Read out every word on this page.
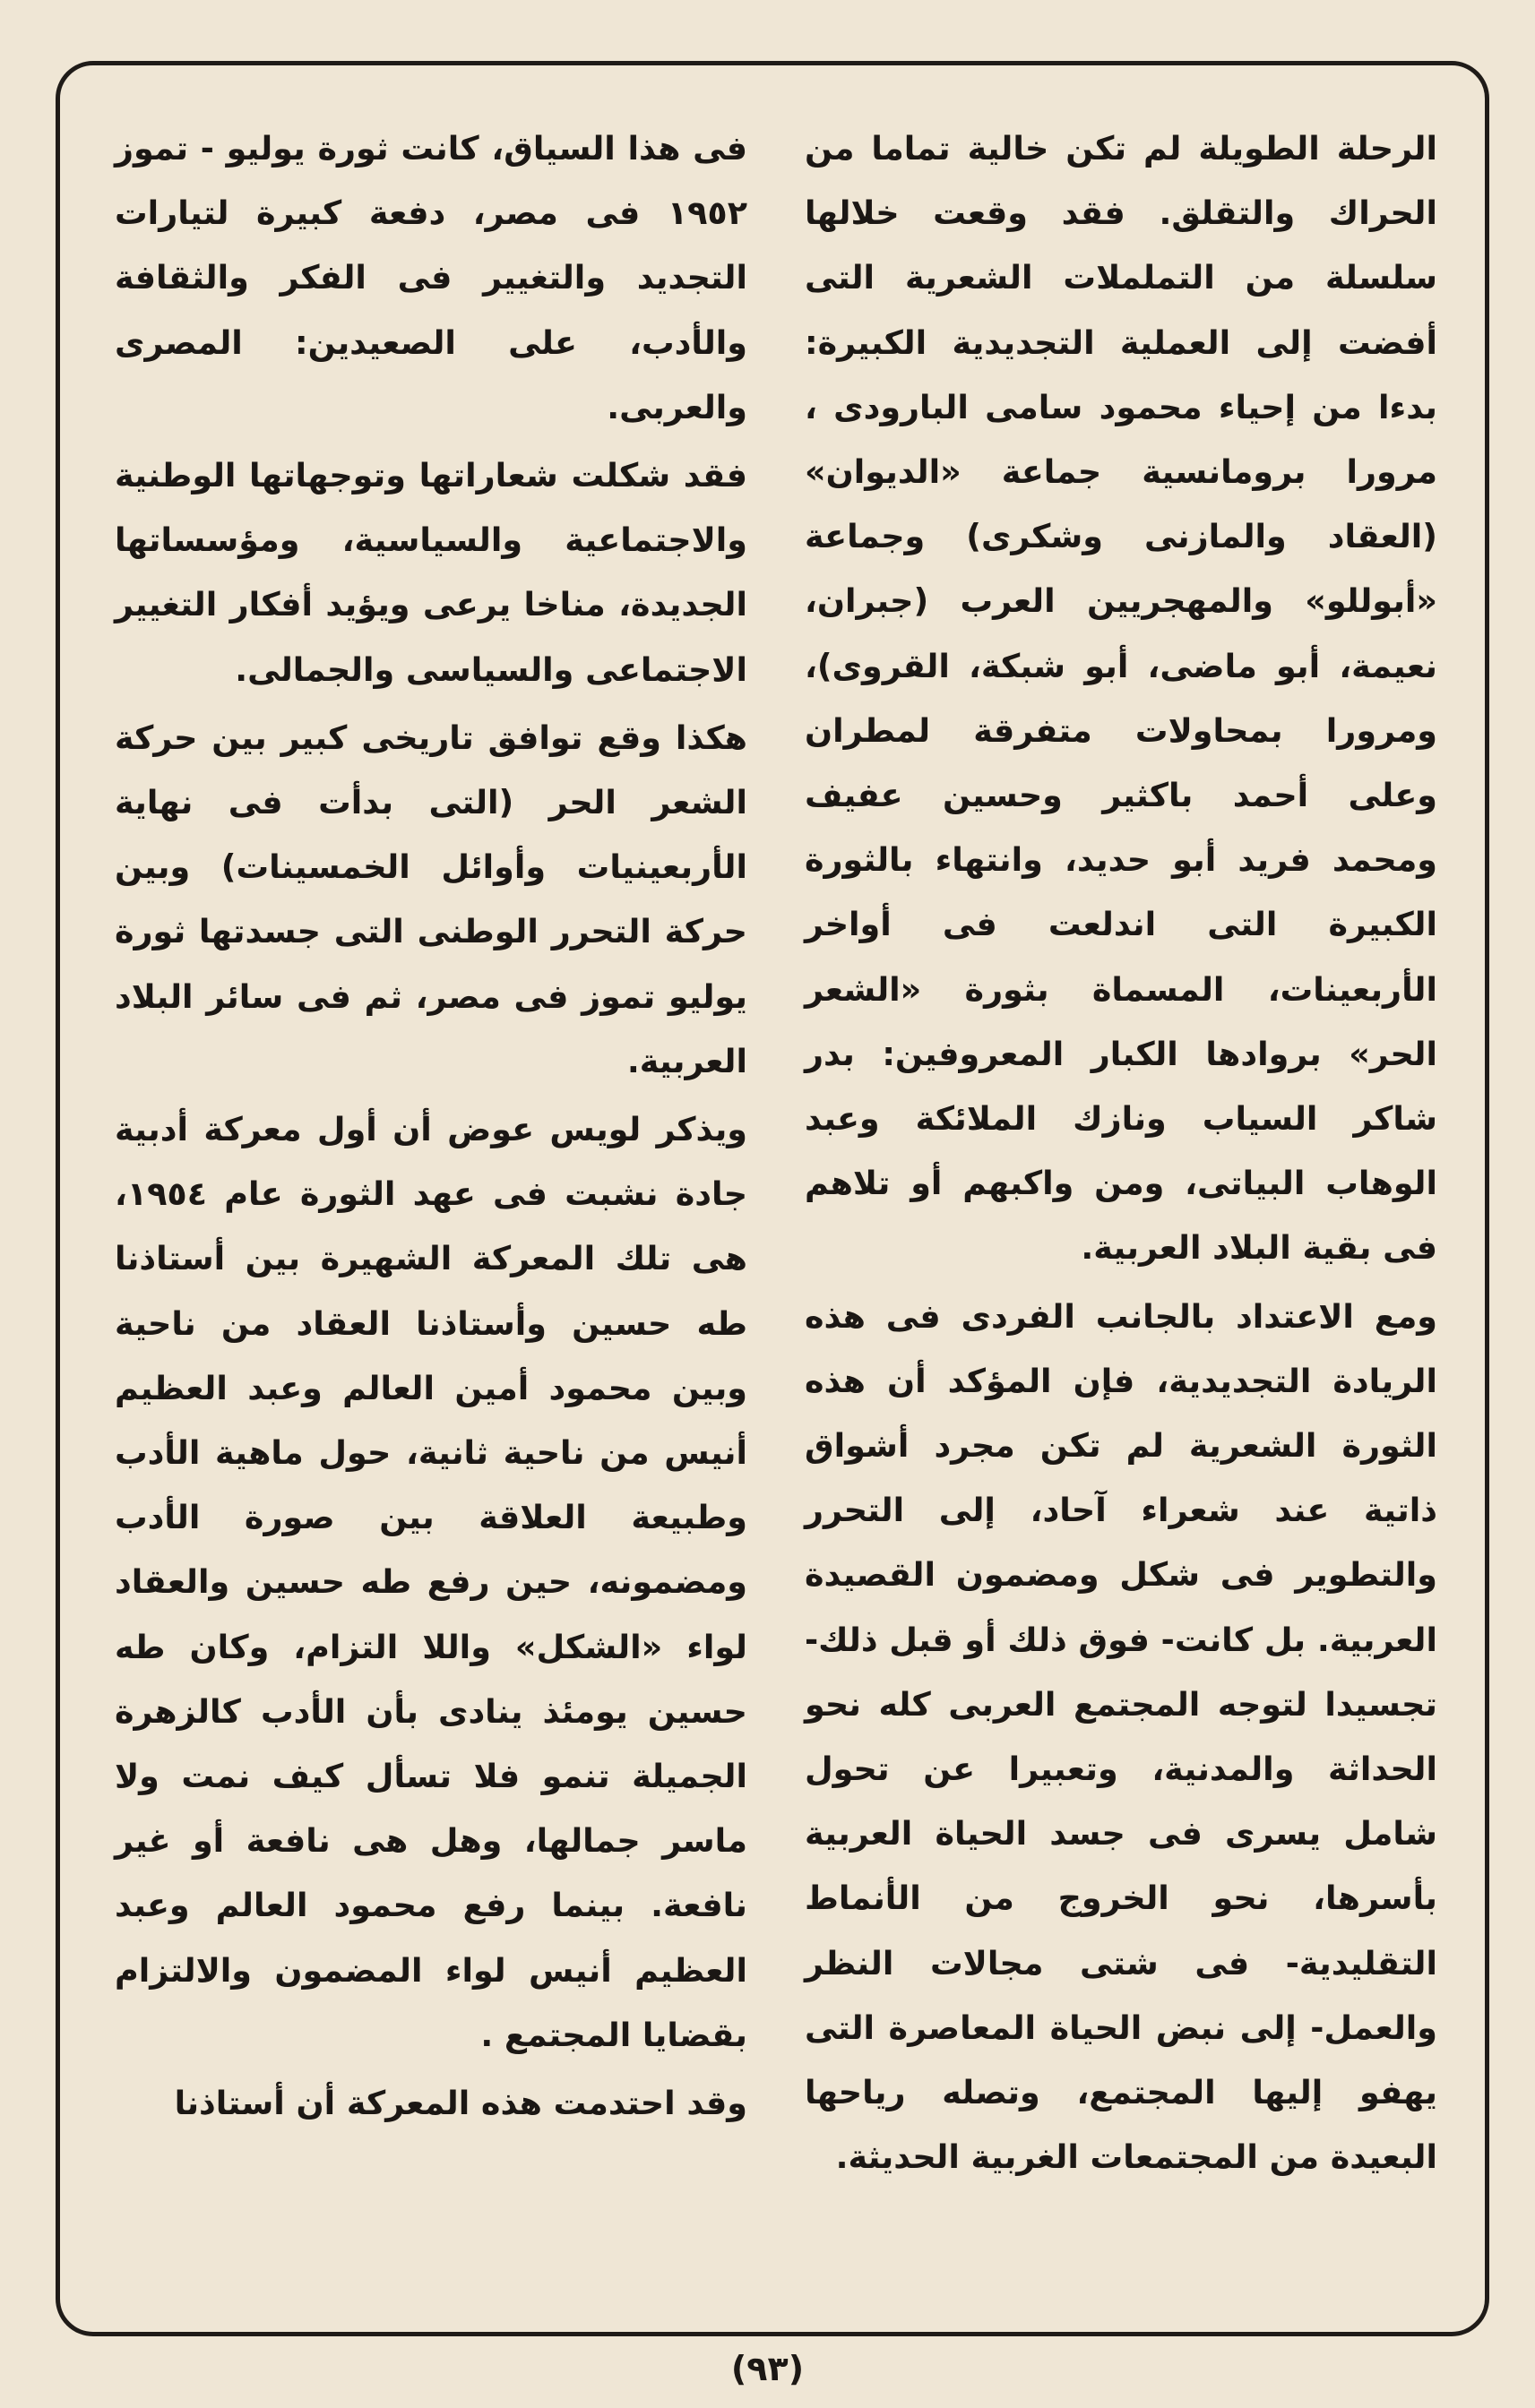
الرحلة الطويلة لم تكن خالية تماما من الحراك والتقلق. فقد وقعت خلالها سلسلة من التململات الشعرية التى أفضت إلى العملية التجديدية الكبيرة: بدءا من إحياء محمود سامى البارودى ، مرورا برومانسية جماعة «الديوان» (العقاد والمازنى وشكرى) وجماعة «أبوللو» والمهجريين العرب (جبران، نعيمة، أبو ماضى، أبو شبكة، القروى)، ومرورا بمحاولات متفرقة لمطران وعلى أحمد باكثير وحسين عفيف ومحمد فريد أبو حديد، وانتهاء بالثورة الكبيرة التى اندلعت فى أواخر الأربعينات، المسماة بثورة «الشعر الحر» بروادها الكبار المعروفين: بدر شاكر السياب ونازك الملائكة وعبد الوهاب البياتى، ومن واكبهم أو تلاهم فى بقية البلاد العربية.

ومع الاعتداد بالجانب الفردى فى هذه الريادة التجديدية، فإن المؤكد أن هذه الثورة الشعرية لم تكن مجرد أشواق ذاتية عند شعراء آحاد، إلى التحرر والتطوير فى شكل ومضمون القصيدة العربية. بل كانت- فوق ذلك أو قبل ذلك- تجسيدا لتوجه المجتمع العربى كله نحو الحداثة والمدنية، وتعبيرا عن تحول شامل يسرى فى جسد الحياة العربية بأسرها، نحو الخروج من الأنماط التقليدية- فى شتى مجالات النظر والعمل- إلى نبض الحياة المعاصرة التى يهفو إليها المجتمع، وتصله رياحها البعيدة من المجتمعات الغربية الحديثة.

فى هذا السياق، كانت ثورة يوليو - تموز ١٩٥٢ فى مصر، دفعة كبيرة لتيارات التجديد والتغيير فى الفكر والثقافة والأدب، على الصعيدين: المصرى والعربى.

فقد شكلت شعاراتها وتوجهاتها الوطنية والاجتماعية والسياسية، ومؤسساتها الجديدة، مناخا يرعى ويؤيد أفكار التغيير الاجتماعى والسياسى والجمالى.

هكذا وقع توافق تاريخى كبير بين حركة الشعر الحر (التى بدأت فى نهاية الأربعينيات وأوائل الخمسينات) وبين حركة التحرر الوطنى التى جسدتها ثورة يوليو تموز فى مصر، ثم فى سائر البلاد العربية.

ويذكر لويس عوض أن أول معركة أدبية جادة نشبت فى عهد الثورة عام ١٩٥٤، هى تلك المعركة الشهيرة بين أستاذنا طه حسين وأستاذنا العقاد من ناحية وبين محمود أمين العالم وعبد العظيم أنيس من ناحية ثانية، حول ماهية الأدب وطبيعة العلاقة بين صورة الأدب ومضمونه، حين رفع طه حسين والعقاد لواء «الشكل» واللا التزام، وكان طه حسين يومئذ ينادى بأن الأدب كالزهرة الجميلة تنمو فلا تسأل كيف نمت ولا ماسر جمالها، وهل هى نافعة أو غير نافعة. بينما رفع محمود العالم وعبد العظيم أنيس لواء المضمون والالتزام بقضايا المجتمع .

وقد احتدمت هذه المعركة أن أستاذنا

(٩٣)
